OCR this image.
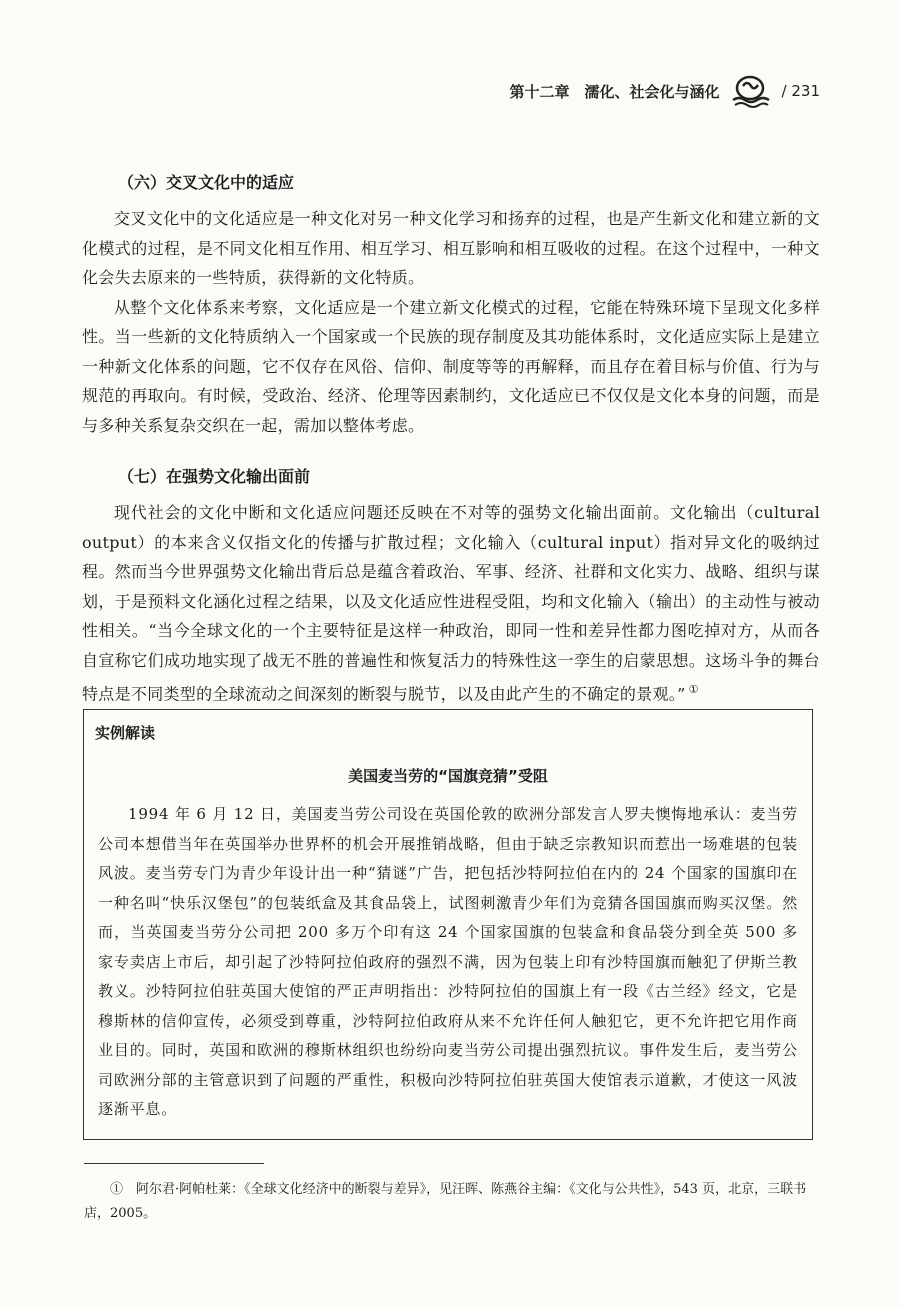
第十二章　濡化、社会化与涵化	/ 231
（六）交叉文化中的适应

交叉文化中的文化适应是一种文化对另一种文化学习和扬弃的过程，也是产生新文化和建立新的文化模式的过程，是不同文化相互作用、相互学习、相互影响和相互吸收的过程。在这个过程中，一种文化会失去原来的一些特质，获得新的文化特质。

从整个文化体系来考察，文化适应是一个建立新文化模式的过程，它能在特殊环境下呈现文化多样性。当一些新的文化特质纳入一个国家或一个民族的现存制度及其功能体系时，文化适应实际上是建立一种新文化体系的问题，它不仅存在风俗、信仰、制度等等的再解释，而且存在着目标与价值、行为与规范的再取向。有时候，受政治、经济、伦理等因素制约，文化适应已不仅仅是文化本身的问题，而是与多种关系复杂交织在一起，需加以整体考虑。

（七）在强势文化输出面前

现代社会的文化中断和文化适应问题还反映在不对等的强势文化输出面前。文化输出（cultural output）的本来含义仅指文化的传播与扩散过程；文化输入（cultural input）指对异文化的吸纳过程。然而当今世界强势文化输出背后总是蕴含着政治、军事、经济、社群和文化实力、战略、组织与谋划，于是预料文化涵化过程之结果，以及文化适应性进程受阻，均和文化输入（输出）的主动性与被动性相关。“当今全球文化的一个主要特征是这样一种政治，即同一性和差异性都力图吃掉对方，从而各自宣称它们成功地实现了战无不胜的普遍性和恢复活力的特殊性这一孪生的启蒙思想。这场斗争的舞台特点是不同类型的全球流动之间深刻的断裂与脱节，以及由此产生的不确定的景观。” ①

实例解读
美国麦当劳的“国旗竞猜”受阻

1994 年 6 月 12 日，美国麦当劳公司设在英国伦敦的欧洲分部发言人罗夫懊悔地承认：麦当劳公司本想借当年在英国举办世界杯的机会开展推销战略，但由于缺乏宗教知识而惹出一场难堪的包装风波。麦当劳专门为青少年设计出一种“猜谜”广告，把包括沙特阿拉伯在内的 24 个国家的国旗印在一种名叫“快乐汉堡包”的包装纸盒及其食品袋上，试图刺激青少年们为竞猜各国国旗而购买汉堡。然而，当英国麦当劳分公司把 200 多万个印有这 24 个国家国旗的包装盒和食品袋分到全英 500 多家专卖店上市后，却引起了沙特阿拉伯政府的强烈不满，因为包装上印有沙特国旗而触犯了伊斯兰教教义。沙特阿拉伯驻英国大使馆的严正声明指出：沙特阿拉伯的国旗上有一段《古兰经》经文，它是穆斯林的信仰宣传，必须受到尊重，沙特阿拉伯政府从来不允许任何人触犯它，更不允许把它用作商业目的。同时，英国和欧洲的穆斯林组织也纷纷向麦当劳公司提出强烈抗议。事件发生后，麦当劳公司欧洲分部的主管意识到了问题的严重性，积极向沙特阿拉伯驻英国大使馆表示道歉，才使这一风波逐渐平息。

①　阿尔君·阿帕杜莱：《全球文化经济中的断裂与差异》，见汪晖、陈燕谷主编：《文化与公共性》，543 页，北京，三联书店，2005。
